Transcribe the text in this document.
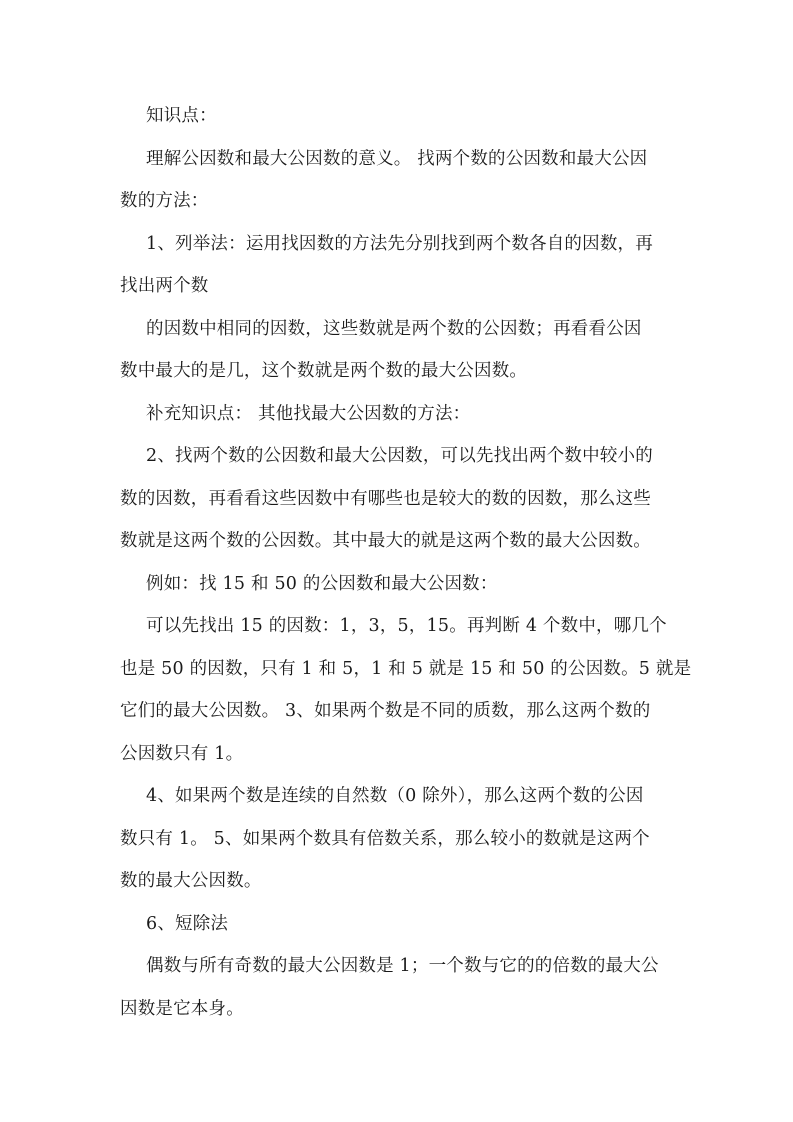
知识点：
理解公因数和最大公因数的意义。 找两个数的公因数和最大公因
数的方法：
1、列举法：运用找因数的方法先分别找到两个数各自的因数，再
找出两个数
的因数中相同的因数，这些数就是两个数的公因数；再看看公因
数中最大的是几，这个数就是两个数的最大公因数。
补充知识点： 其他找最大公因数的方法：
2、找两个数的公因数和最大公因数，可以先找出两个数中较小的
数的因数，再看看这些因数中有哪些也是较大的数的因数，那么这些
数就是这两个数的公因数。其中最大的就是这两个数的最大公因数。
例如：找 15 和 50 的公因数和最大公因数：
可以先找出 15 的因数：1，3，5，15。再判断 4 个数中，哪几个
也是 50 的因数，只有 1 和 5，1 和 5 就是 15 和 50 的公因数。5 就是
它们的最大公因数。 3、如果两个数是不同的质数，那么这两个数的
公因数只有 1。
4、如果两个数是连续的自然数（0 除外），那么这两个数的公因
数只有 1。 5、如果两个数具有倍数关系，那么较小的数就是这两个
数的最大公因数。
6、短除法
偶数与所有奇数的最大公因数是 1；一个数与它的的倍数的最大公
因数是它本身。
